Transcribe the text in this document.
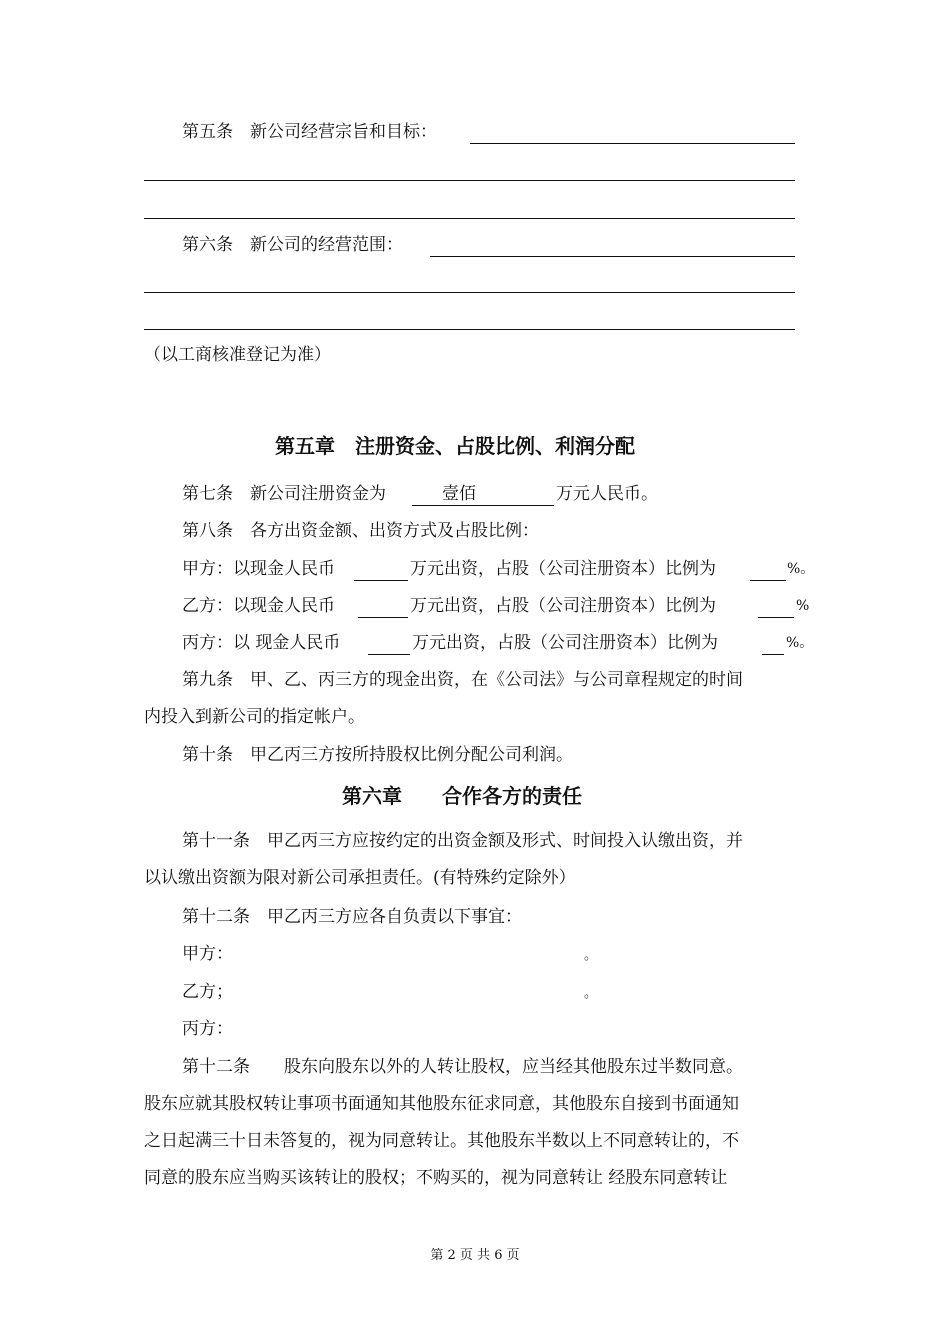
第五条　新公司经营宗旨和目标：
第六条　新公司的经营范围：
（以工商核准登记为准）
第五章　注册资金、占股比例、利润分配
第七条　新公司注册资金为	壹佰	万元人民币。
第八条　各方出资金额、出资方式及占股比例：
甲方：以现金人民币	万元出资，占股（公司注册资本）比例为	%。
乙方：以现金人民币	万元出资，占股（公司注册资本）比例为	%
丙方：以 现金人民币	万元出资，占股（公司注册资本）比例为	%。
第九条　甲、乙、丙三方的现金出资，在《公司法》与公司章程规定的时间
内投入到新公司的指定帐户。
第十条　甲乙丙三方按所持股权比例分配公司利润。
第六章　　合作各方的责任
第十一条　甲乙丙三方应按约定的出资金额及形式、时间投入认缴出资，并
以认缴出资额为限对新公司承担责任。(有特殊约定除外）
第十二条　甲乙丙三方应各自负责以下事宜：
甲方：	。
乙方；	。
丙方：
第十二条　　股东向股东以外的人转让股权，应当经其他股东过半数同意。
股东应就其股权转让事项书面通知其他股东征求同意，其他股东自接到书面通知
之日起满三十日未答复的，视为同意转让。其他股东半数以上不同意转让的，不
同意的股东应当购买该转让的股权；不购买的，视为同意转让 经股东同意转让
第 2 页 共 6 页
